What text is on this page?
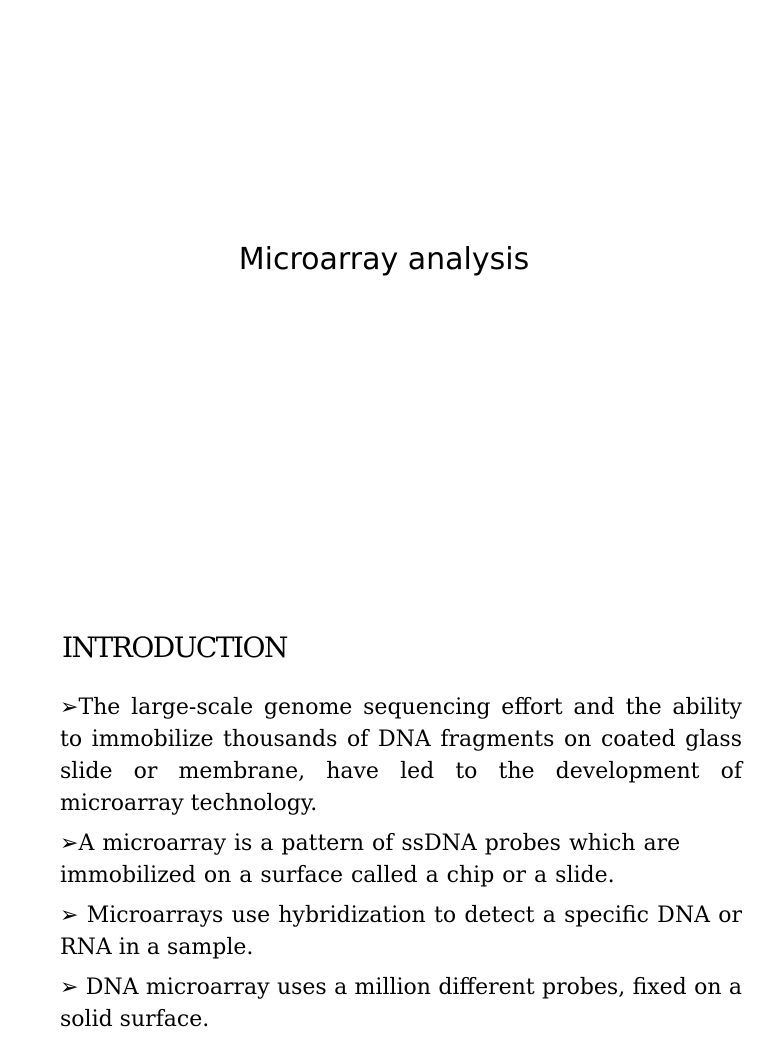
Microarray analysis
INTRODUCTION
➢The large-scale genome sequencing effort and the ability to immobilize thousands of DNA fragments on coated glass slide or membrane, have led to the development of microarray technology.
➢A microarray is a pattern of ssDNA probes which are immobilized on a surface called a chip or a slide.
➢ Microarrays use hybridization to detect a specific DNA or RNA in a sample.
➢ DNA microarray uses a million different probes, fixed on a solid surface.
